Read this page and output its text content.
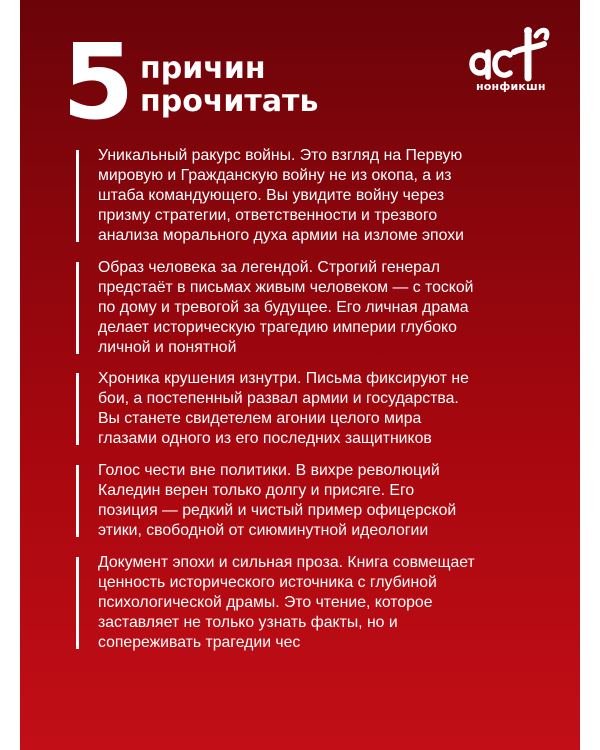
5 причин
прочитать	нонфикшн
Уникальный ракурс войны. Это взгляд на Первую
мировую и Гражданскую войну не из окопа, а из
штаба командующего. Вы увидите войну через
призму стратегии, ответственности и трезвого
анализа морального духа армии на изломе эпохи
Образ человека за легендой. Строгий генерал
предстаёт в письмах живым человеком — с тоской
по дому и тревогой за будущее. Его личная драма
делает историческую трагедию империи глубоко
личной и понятной
Хроника крушения изнутри. Письма фиксируют не
бои, а постепенный развал армии и государства.
Вы станете свидетелем агонии целого мира
глазами одного из его последних защитников
Голос чести вне политики. В вихре революций
Каледин верен только долгу и присяге. Его
позиция — редкий и чистый пример офицерской
этики, свободной от сиюминутной идеологии
Документ эпохи и сильная проза. Книга совмещает
ценность исторического источника с глубиной
психологической драмы. Это чтение, которое
заставляет не только узнать факты, но и
сопереживать трагедии чес
